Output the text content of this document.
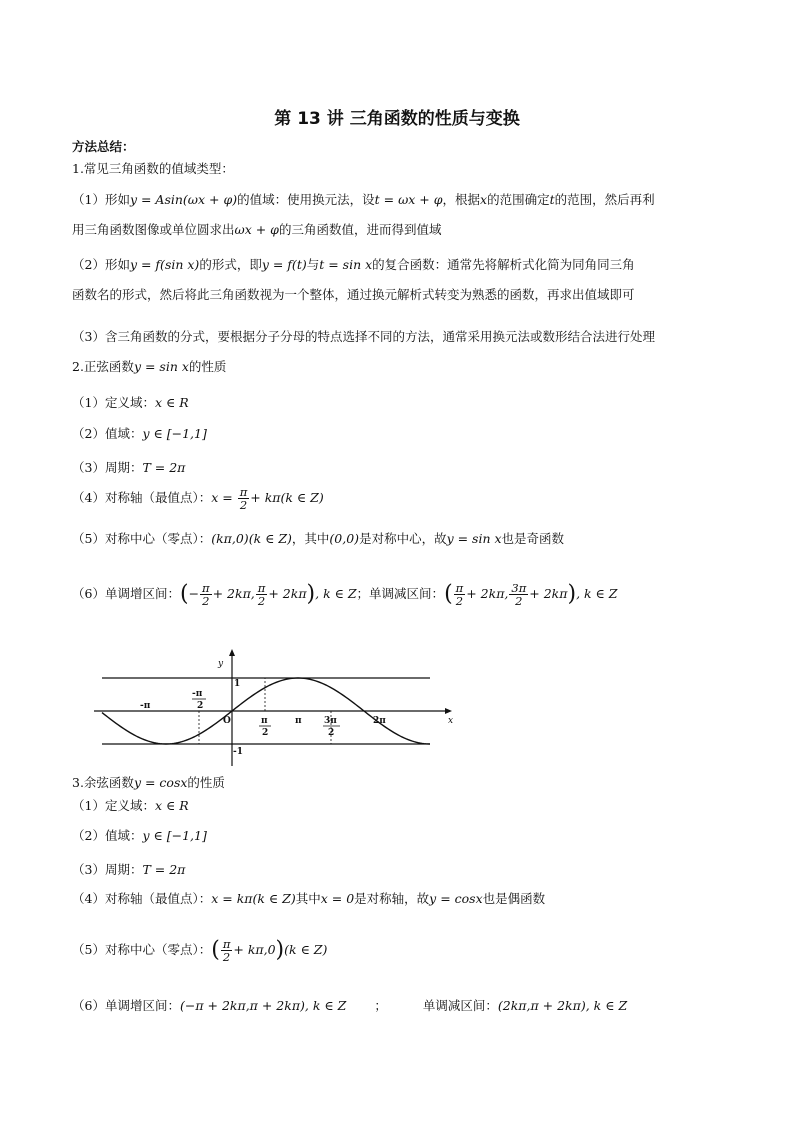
第 13 讲 三角函数的性质与变换
方法总结：
1.常见三角函数的值域类型：
（1）形如y = Asin(ωx + φ)的值域：使用换元法，设t = ωx + φ，根据x的范围确定t的范围，然后再利
用三角函数图像或单位圆求出ωx + φ的三角函数值，进而得到值域
（2）形如y = f(sin x)的形式，即y = f(t)与t = sin x的复合函数：通常先将解析式化简为同角同三角
函数名的形式，然后将此三角函数视为一个整体，通过换元解析式转变为熟悉的函数，再求出值域即可
（3）含三角函数的分式，要根据分子分母的特点选择不同的方法，通常采用换元法或数形结合法进行处理
2.正弦函数y = sin x的性质
（1）定义域：x ∈ R
（2）值域：y ∈ [−1,1]
（3）周期：T = 2π
（4）对称轴（最值点）：$x = \frac{\pi}{2} + k\pi(k$ ∈ Z)
（5）对称中心（零点）：(kπ,0)(k ∈ Z)，其中(0,0)是对称中心，故y = sin x也是奇函数
（6）单调增区间：(− $\frac{\pi}{2} + 2k\pi$, $\frac{\pi}{2} + 2k\pi$), k ∈ Z；单调减区间：( $\frac{\pi}{2} + 2k\pi$, $\frac{3\pi}{2} + 2k\pi$), k ∈ Z
y
x
O
1
-1
-π
-π
2
π
2
π 3π
2
2π
3.余弦函数y = cosx的性质
（1）定义域：x ∈ R
（2）值域：y ∈ [−1,1]
（3）周期：T = 2π
（4）对称轴（最值点）：x = kπ(k ∈ Z)其中x = 0是对称轴，故y = cosx也是偶函数
（5）对称中心（零点）：( $\frac{\pi}{2} + k\pi,0)(k$ ∈ Z)
（6）单调增区间：(−π + 2kπ,π + 2kπ), k ∈ Z ；	单调减区间：(2kπ,π + 2kπ), k ∈ Z
